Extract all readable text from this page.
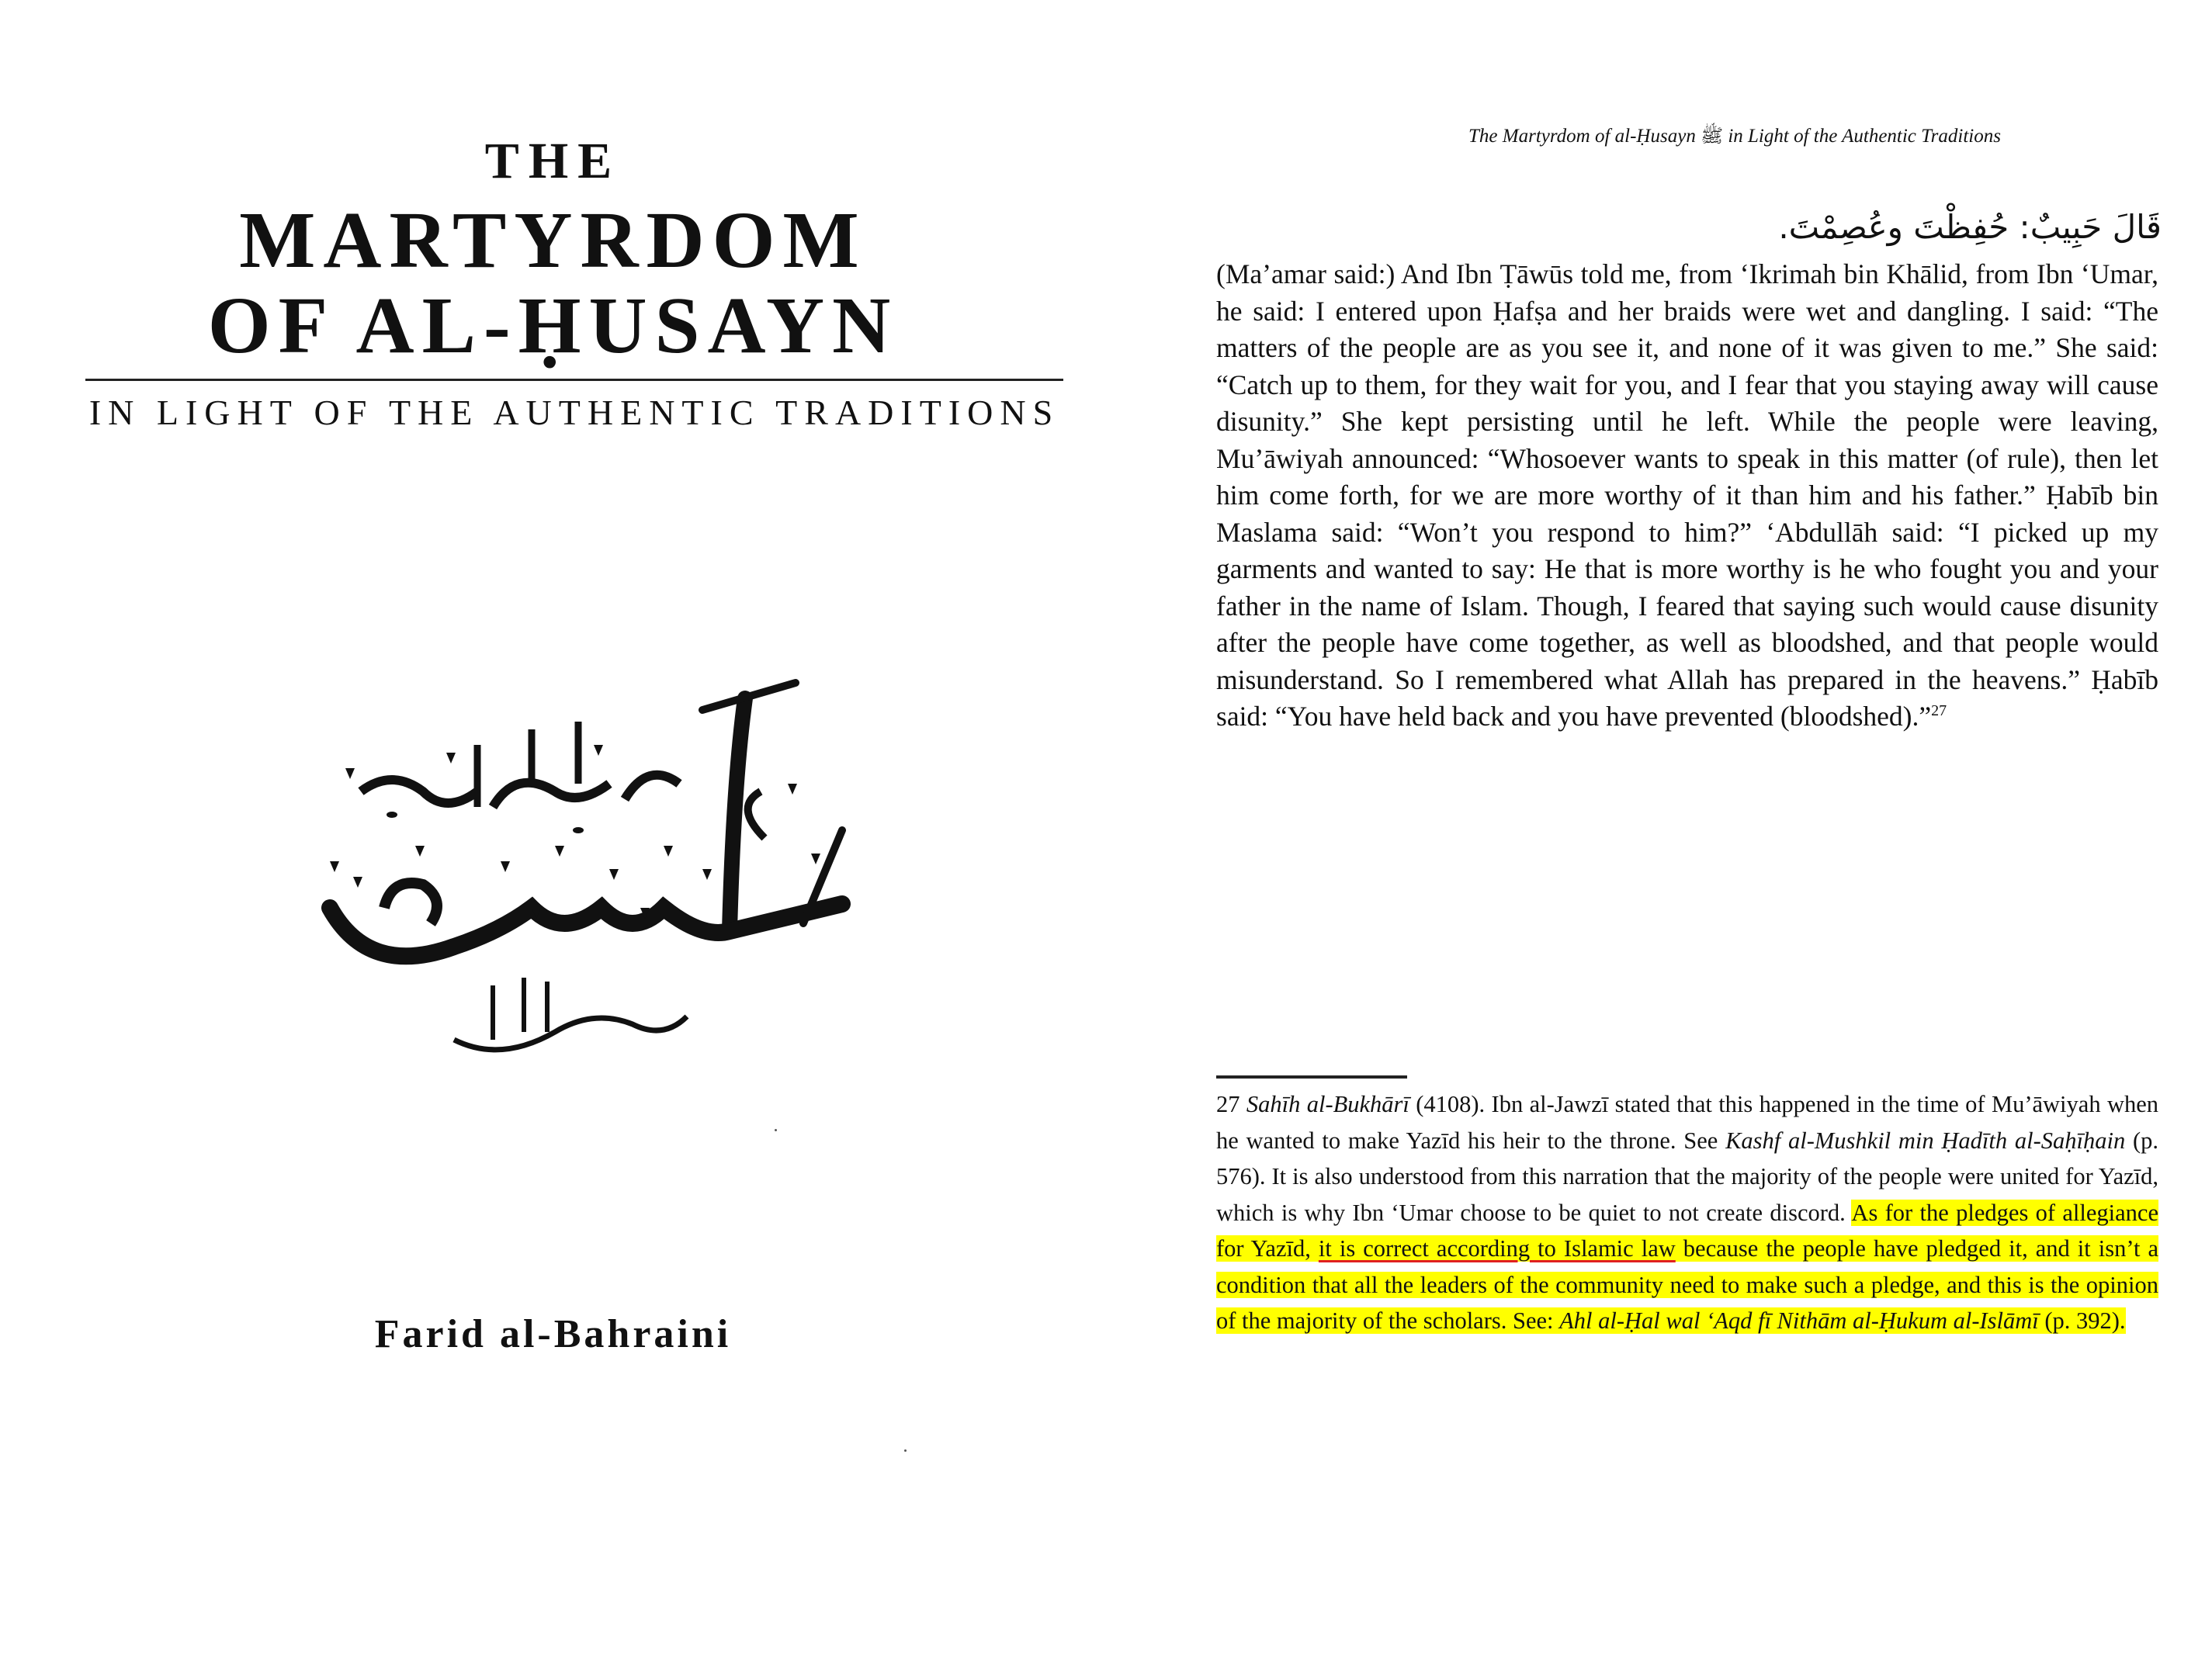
THE
MARTYRDOM
OF AL-ḤUSAYN
IN LIGHT OF THE AUTHENTIC TRADITIONS
Farid al-Bahraini
The Martyrdom of al-Ḥusayn ﷺ in Light of the Authentic Traditions
قَالَ حَبِيبٌ: حُفِظْتَ وعُصِمْتَ.

(Ma’amar said:) And Ibn Ṭāwūs told me, from ‘Ikrimah bin Khālid, from Ibn ‘Umar, he said: I entered upon Ḥafṣa and her braids were wet and dangling. I said: “The matters of the people are as you see it, and none of it was given to me.” She said: “Catch up to them, for they wait for you, and I fear that you staying away will cause disunity.” She kept persisting until he left. While the people were leaving, Mu’āwiyah announced: “Whosoever wants to speak in this matter (of rule), then let him come forth, for we are more worthy of it than him and his father.” Ḥabīb bin Maslama said: “Won’t you respond to him?” ‘Abdullāh said: “I picked up my garments and wanted to say: He that is more worthy is he who fought you and your father in the name of Islam. Though, I feared that saying such would cause disunity after the people have come together, as well as bloodshed, and that people would misunderstand. So I remembered what Allah has prepared in the heavens.” Ḥabīb said: “You have held back and you have prevented (bloodshed).”$^{27}$

27 Sahīh al-Bukhārī (4108). Ibn al-Jawzī stated that this happened in the time of Mu’āwiyah when he wanted to make Yazīd his heir to the throne. See Kashf al-Mushkil min Ḥadīth al-Saḥīḥain (p. 576). It is also understood from this narration that the majority of the people were united for Yazīd, which is why Ibn ‘Umar choose to be quiet to not create discord. As for the pledges of allegiance for Yazīd, it is correct according to Islamic law because the people have pledged it, and it isn’t a condition that all the leaders of the community need to make such a pledge, and this is the opinion of the majority of the scholars. See: Ahl al-Ḥal wal ‘Aqd fī Nithām al-Ḥukum al-Islāmī (p. 392).
